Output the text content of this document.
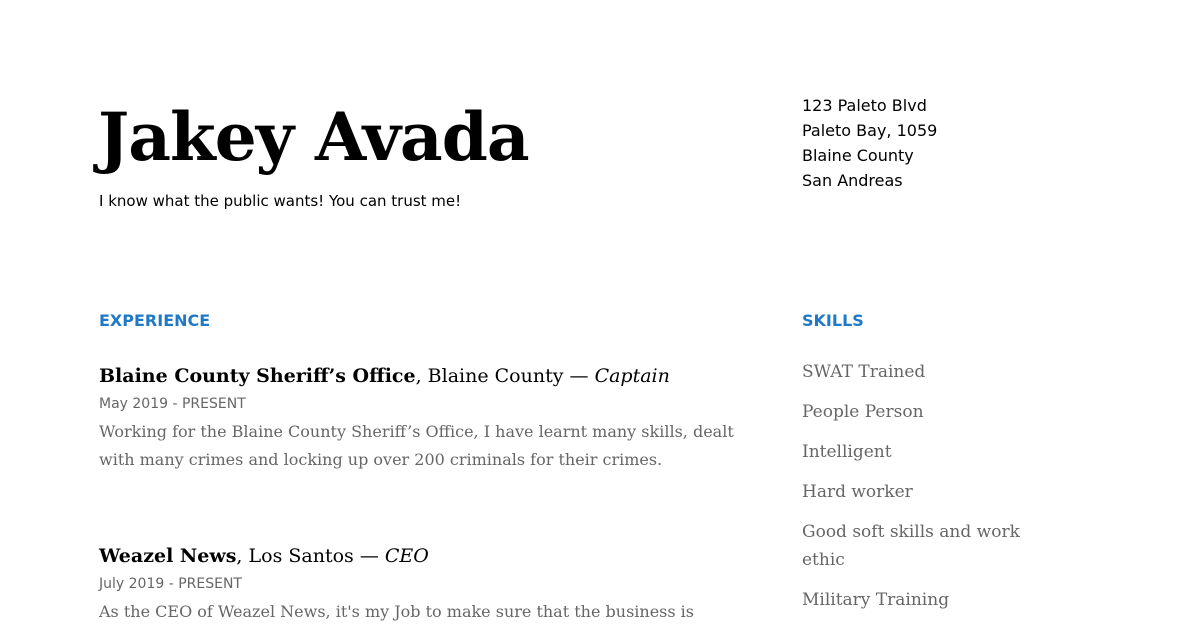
Jakey Avada
I know what the public wants! You can trust me!
123 Paleto Blvd
Paleto Bay, 1059
Blaine County
San Andreas
EXPERIENCE	SKILLS
Blaine County Sheriff’s Office, Blaine County — Captain
May 2019 - PRESENT
Working for the Blaine County Sheriff’s Office, I have learnt many skills, dealt with many crimes and locking up over 200 criminals for their crimes.
Weazel News, Los Santos — CEO
July 2019 - PRESENT
As the CEO of Weazel News, it's my Job to make sure that the business is
SWAT Trained
People Person
Intelligent
Hard worker
Good soft skills and work ethic
Military Training
